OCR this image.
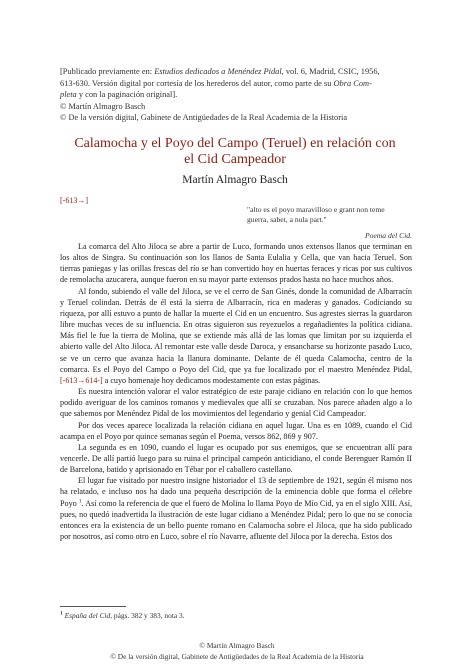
[Publicado previamente en: Estudios dedicados a Menéndez Pidal, vol. 6, Madrid, CSIC, 1956,

613-630. Versión digital por cortesía de los herederos del autor, como parte de su Obra Com-

pleta y con la paginación original].

© Martín Almagro Basch

© De la versión digital, Gabinete de Antigüedades de la Real Academia de la Historia

Calamocha y el Poyo del Campo (Teruel) en relación con
el Cid Campeador
Martín Almagro Basch
[-613→]
"alto es el poyo maravilloso e grant non teme
guerra, sabet, a nula part."
Poema del Cid.

La comarca del Alto Jiloca se abre a partir de Luco, formando unos extensos llanos que terminan en los altos de Singra. Su continuación son los llanos de Santa Eulalia y Cella, que van hacia Teruel. Son tierras paniegas y las orillas frescas del río se han convertido hoy en huertas feraces y ricas por sus cultivos de remolacha azucarera, aunque fueron en su mayor parte extensos prados hasta no hace muchos años.

Al fondo, subiendo el valle del Jiloca, se ve el cerro de San Ginés, donde la comunidad de Albarracín y Teruel colindan. Detrás de él está la sierra de Albarracín, rica en maderas y ganados. Codiciando su riqueza, por allí estuvo a punto de hallar la muerte el Cid en un encuentro. Sus agrestes sierras la guardaron libre muchas veces de su influencia. En otras siguieron sus reyezuelos a regañadientes la política cidiana. Más fiel le fue la tierra de Molina, que se extiende más allá de las lomas que limitan por su izquierda el abierto valle del Alto Jiloca. Al remontar este valle desde Daroca, y ensancharse su horizonte pasado Luco, se ve un cerro que avanza hacia la llanura dominante. Delante de él queda Calamocha, centro de la comarca. Es el Poyo del Campo o Poyo del Cid, que ya fue localizado por el maestro Menéndez Pidal, [-613→614-] a cuyo homenaje hoy dedicamos modestamente con estas páginas.

Es nuestra intención valorar el valor estratégico de este paraje cidiano en relación con lo que hemos podido averiguar de los caminos romanos y medievales que allí se cruzaban. Nos parece añaden algo a lo que sabemos por Menéndez Pidal de los movimientos del legendario y genial Cid Campeador.

Por dos veces aparece localizada la relación cidiana en aquel lugar. Una es en 1089, cuando el Cid acampa en el Poyo por quince semanas según el Poema, versos 862, 869 y 907.

La segunda es en 1090, cuando el lugar es ocupado por sus enemigos, que se encuentran allí para vencerle. De allí partió luego para su ruina el principal campeón anticidiano, el conde Berenguer Ramón II de Barcelona, batido y aprisionado en Tébar por el caballero castellano.

El lugar fue visitado por nuestro insigne historiador el 13 de septiembre de 1921, según él mismo nos ha relatado, e incluso nos ha dado una pequeña descripción de la eminencia doble que forma el célebre Poyo $^1$. Así como la referencia de que el fuero de Molina lo llama Poyo de Mío Cid, ya en el siglo XIII. Así, pues, no quedó inadvertida la ilustración de este lugar cidiano a Menéndez Pidal; pero lo que no se conocía entonces era la existencia de un bello puente romano en Calamocha sobre el Jiloca, que ha sido publicado por nosotros, así como otro en Luco, sobre el río Navarre, afluente del Jiloca por la derecha. Estos dos

$^1$ España del Cid, págs. 382 y 383, nota 3.
© Martín Almagro Basch
© De la versión digital, Gabinete de Antigüedades de la Real Academia de la Historia
